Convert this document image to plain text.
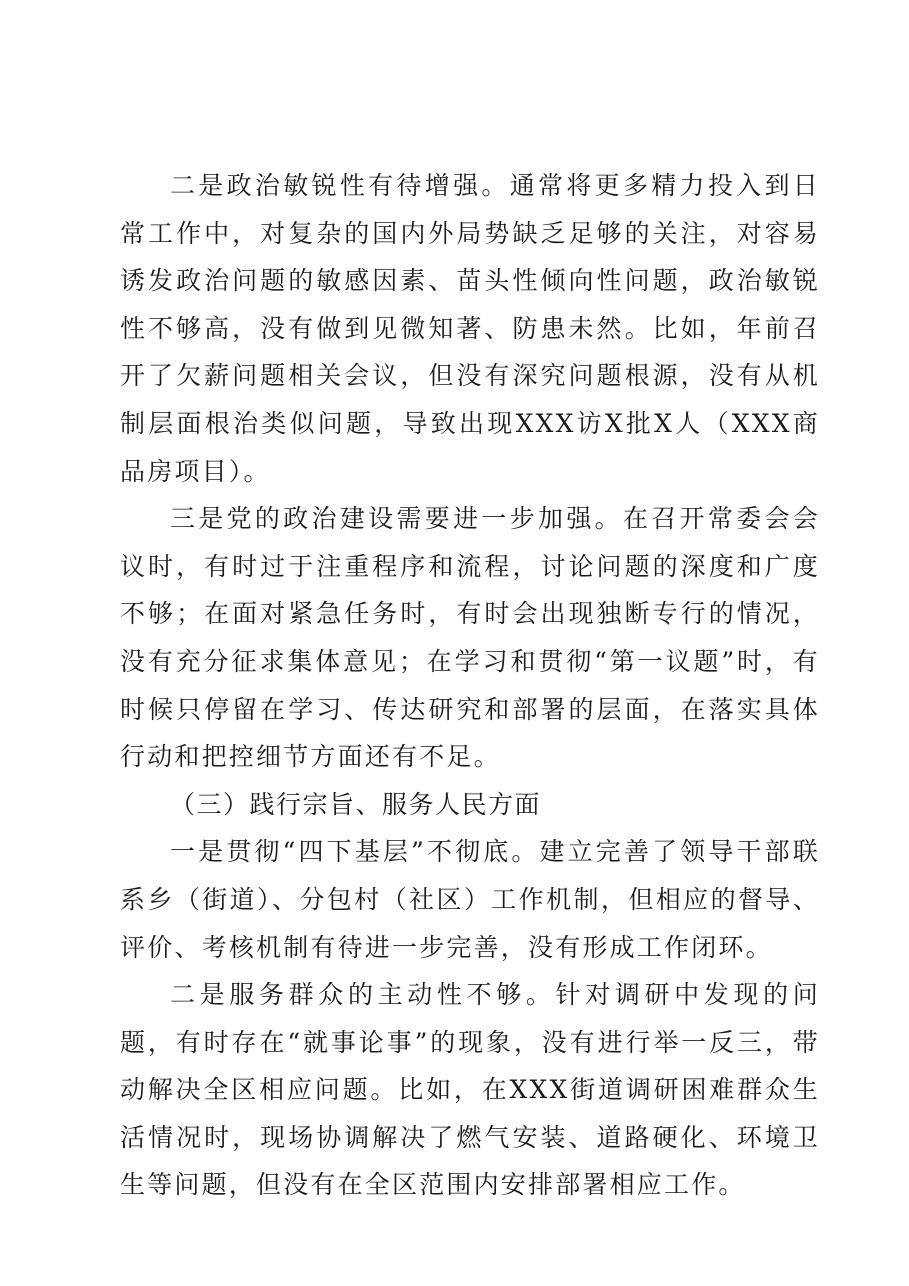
二是政治敏锐性有待增强。通常将更多精力投入到日常工作中，对复杂的国内外局势缺乏足够的关注，对容易诱发政治问题的敏感因素、苗头性倾向性问题，政治敏锐性不够高，没有做到见微知著、防患未然。比如，年前召开了欠薪问题相关会议，但没有深究问题根源，没有从机制层面根治类似问题，导致出现XXX访X批X人（XXX商品房项目）。

三是党的政治建设需要进一步加强。在召开常委会会议时，有时过于注重程序和流程，讨论问题的深度和广度不够；在面对紧急任务时，有时会出现独断专行的情况，没有充分征求集体意见；在学习和贯彻“第一议题”时，有时候只停留在学习、传达研究和部署的层面，在落实具体行动和把控细节方面还有不足。

（三）践行宗旨、服务人民方面

一是贯彻“四下基层”不彻底。建立完善了领导干部联系乡（街道）、分包村（社区）工作机制，但相应的督导、评价、考核机制有待进一步完善，没有形成工作闭环。

二是服务群众的主动性不够。针对调研中发现的问题，有时存在“就事论事”的现象，没有进行举一反三，带动解决全区相应问题。比如，在XXX街道调研困难群众生活情况时，现场协调解决了燃气安装、道路硬化、环境卫生等问题，但没有在全区范围内安排部署相应工作。
